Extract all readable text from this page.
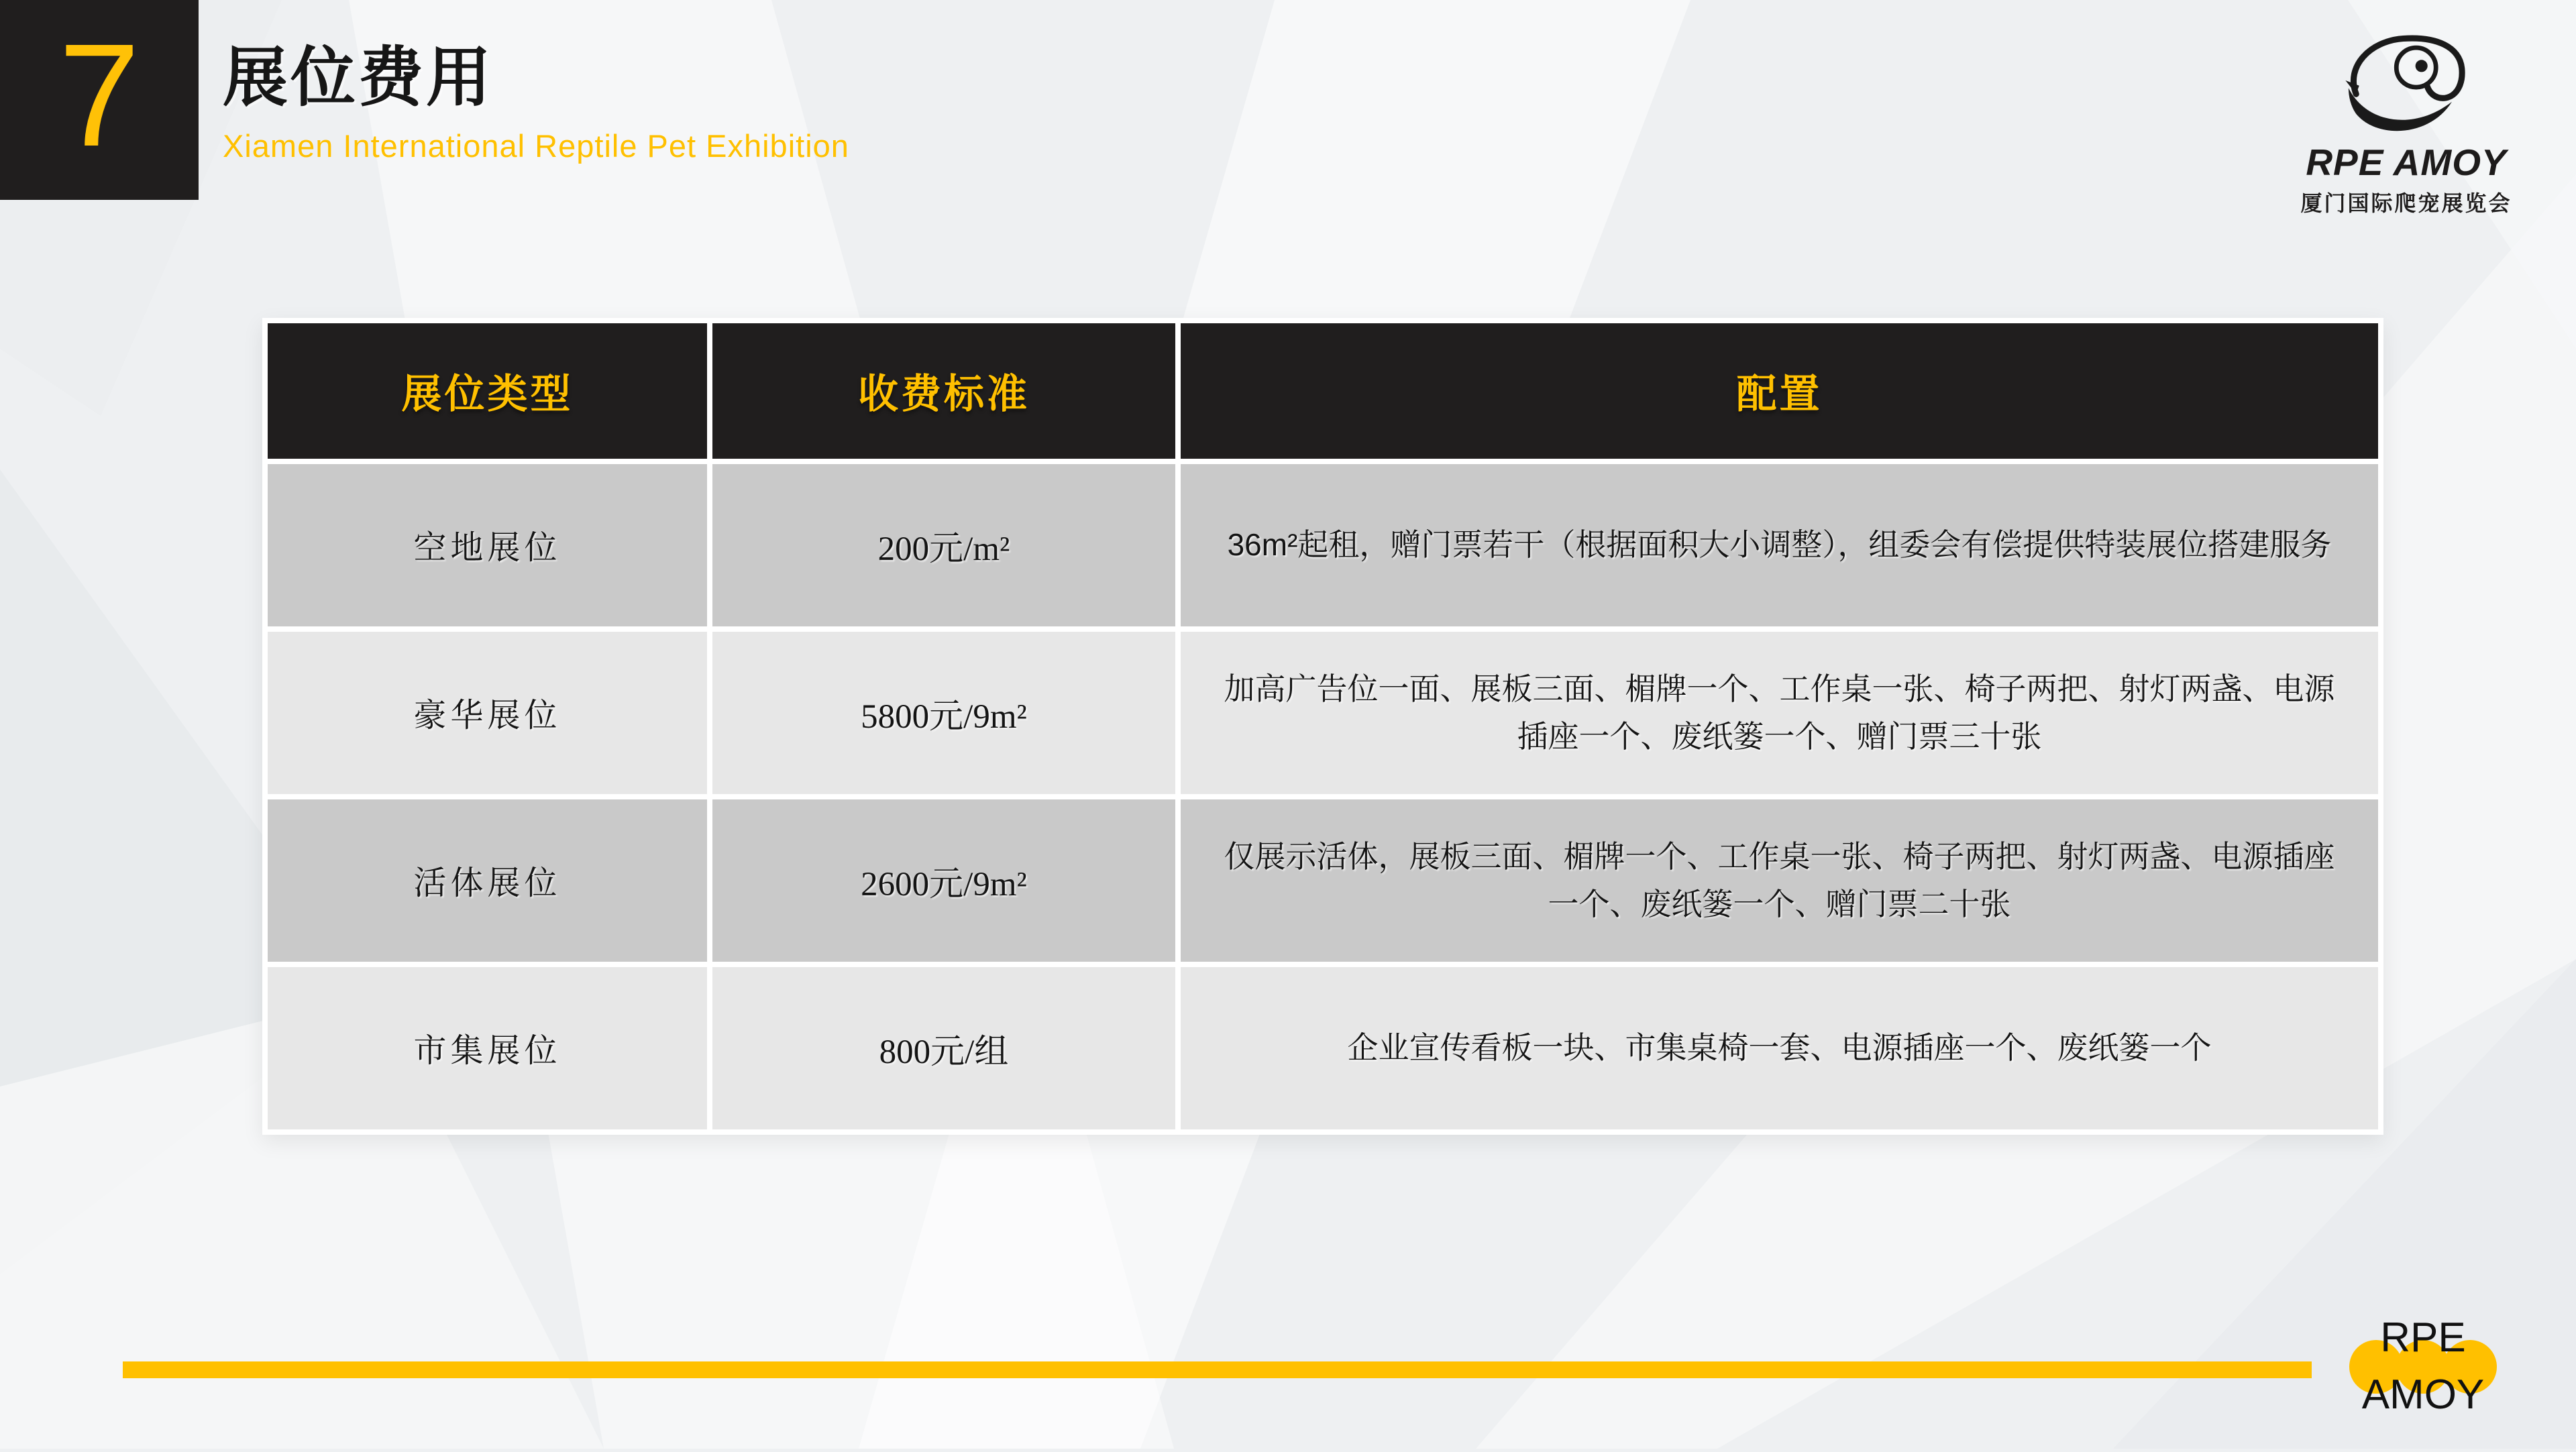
7 展位费用
Xiamen International Reptile Pet Exhibition	RPE AMOY
厦门国际爬宠展览会
展位类型	收费标准	配置
空地展位	200元/m²	36m²起租，赠门票若干（根据面积大小调整），组委会有偿提供特装展位搭建服务
豪华展位	5800元/9m²	加高广告位一面、展板三面、楣牌一个、工作桌一张、椅子两把、射灯两盏、电源插座一个、废纸篓一个、赠门票三十张
活体展位	2600元/9m²	仅展示活体，展板三面、楣牌一个、工作桌一张、椅子两把、射灯两盏、电源插座一个、废纸篓一个、赠门票二十张
市集展位	800元/组	企业宣传看板一块、市集桌椅一套、电源插座一个、废纸篓一个
RPE
AMOY
